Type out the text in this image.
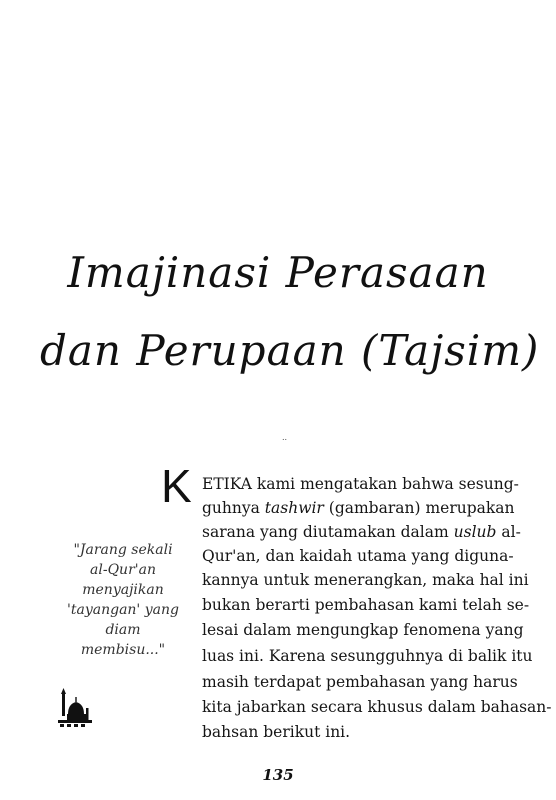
Imajinasi Perasaan
dan Perupaan (Tajsim)
..
K ETIKA kami mengatakan bahwa sesung-
guhnya tashwir (gambaran) merupakan
sarana yang diutamakan dalam uslub al-
Qur'an, dan kaidah utama yang diguna-
kannya untuk menerangkan, maka hal ini
bukan berarti pembahasan kami telah se-
lesai dalam mengungkap fenomena yang
luas ini. Karena sesungguhnya di balik itu
masih terdapat pembahasan yang harus
kita jabarkan secara khusus dalam bahasan-
bahsan berikut ini.
"Jarang sekali
al-Qur'an
menyajikan
'tayangan' yang
diam
membisu..."
135
